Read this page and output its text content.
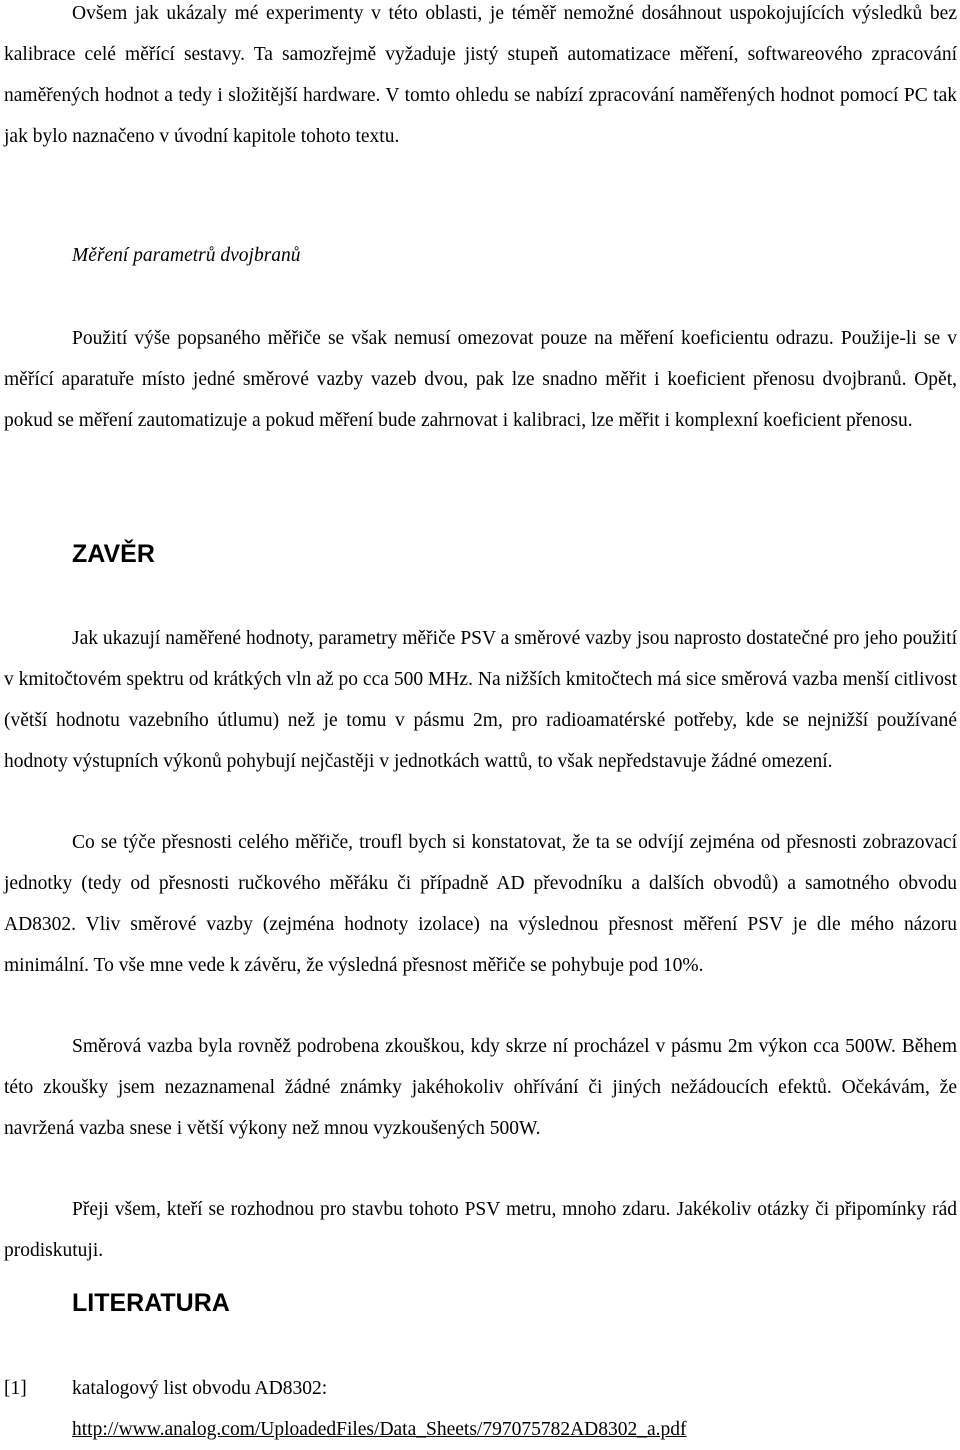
Ovšem jak ukázaly mé experimenty v této oblasti, je téměř nemožné dosáhnout uspokojujících výsledků bez kalibrace celé měřící sestavy. Ta samozřejmě vyžaduje jistý stupeň automatizace měření, softwareového zpracování naměřených hodnot a tedy i složitější hardware. V tomto ohledu se nabízí zpracování naměřených hodnot pomocí PC tak jak bylo naznačeno v úvodní kapitole tohoto textu.

Měření parametrů dvojbranů

Použití výše popsaného měřiče se však nemusí omezovat pouze na měření koeficientu odrazu. Použije-li se v měřící aparatuře místo jedné směrové vazby vazeb dvou, pak lze snadno měřit i koeficient přenosu dvojbranů. Opět, pokud se měření zautomatizuje a pokud měření bude zahrnovat i kalibraci, lze měřit i komplexní koeficient přenosu.

ZAVĚR

Jak ukazují naměřené hodnoty, parametry měřiče PSV a směrové vazby jsou naprosto dostatečné pro jeho použití v kmitočtovém spektru od krátkých vln až po cca 500 MHz. Na nižších kmitočtech má sice směrová vazba menší citlivost (větší hodnotu vazebního útlumu) než je tomu v pásmu 2m, pro radioamatérské potřeby, kde se nejnižší používané hodnoty výstupních výkonů pohybují nejčastěji v jednotkách wattů, to však nepředstavuje žádné omezení.

Co se týče přesnosti celého měřiče, troufl bych si konstatovat, že ta se odvíjí zejména od přesnosti zobrazovací jednotky (tedy od přesnosti ručkového měřáku či případně AD převodníku a dalších obvodů) a samotného obvodu AD8302. Vliv směrové vazby (zejména hodnoty izolace) na výslednou přesnost měření PSV je dle mého názoru minimální. To vše mne vede k závěru, že výsledná přesnost měřiče se pohybuje pod 10%.

Směrová vazba byla rovněž podrobena zkouškou, kdy skrze ní procházel v pásmu 2m výkon cca 500W. Během této zkoušky jsem nezaznamenal žádné známky jakéhokoliv ohřívání či jiných nežádoucích efektů. Očekávám, že navržená vazba snese i větší výkony než mnou vyzkoušených 500W.

Přeji všem, kteří se rozhodnou pro stavbu tohoto PSV metru, mnoho zdaru. Jakékoliv otázky či připomínky rád prodiskutuji.

LITERATURA

[1] katalogový list obvodu AD8302:
http://www.analog.com/UploadedFiles/Data_Sheets/797075782AD8302_a.pdf
